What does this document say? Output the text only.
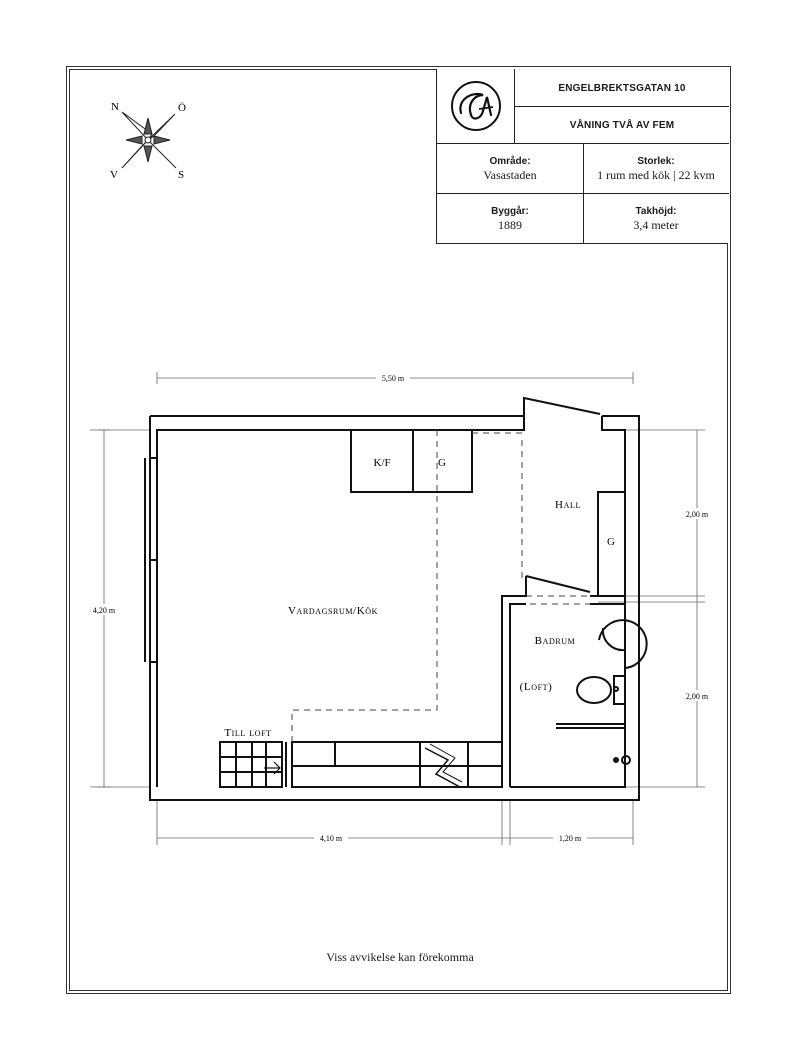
ENGELBREKTSGATAN 10
VÅNING TVÅ AV FEM
Område:
Vasastaden
Storlek:
1 rum med kök | 22 kvm
Byggår:
1889
Takhöjd:
3,4 meter
N	Ö
V	S
Vardagsrum/Kök
Hall
Badrum
(Loft)
Till loft
K/F	G
G
5,50 m
4,20 m
2,00 m
2,00 m
4,10 m	1,20 m
Viss avvikelse kan förekomma
